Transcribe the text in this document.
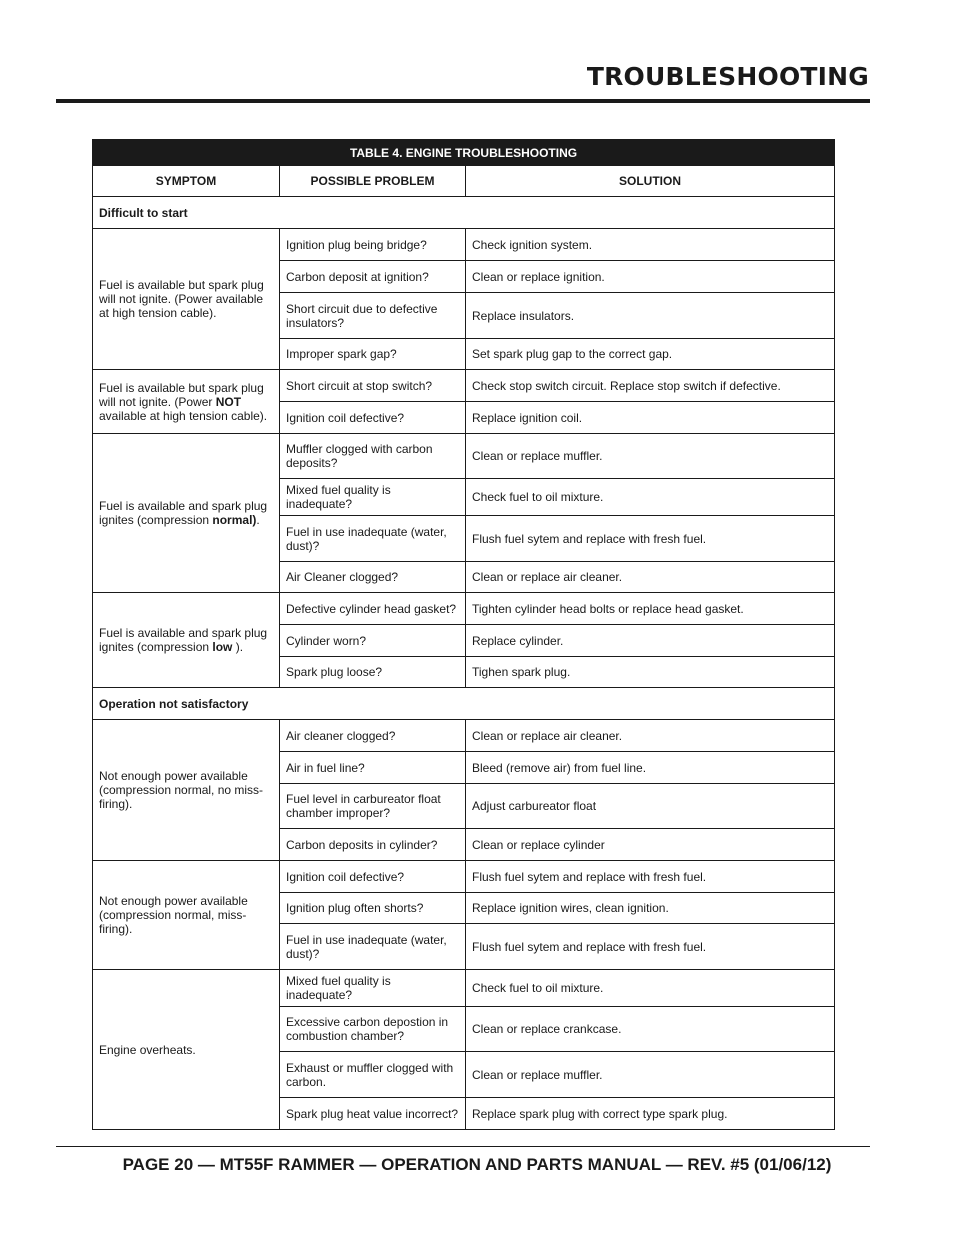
TROUBLESHOOTING
TABLE 4. ENGINE TROUBLESHOOTING		
SYMPTOM	POSSIBLE PROBLEM	SOLUTION
Difficult to start		
Fuel is available but spark plug will not ignite. (Power available at high tension cable).	Ignition plug being bridge?	Check ignition system.
	Carbon deposit at ignition?	Clean or replace ignition.
	Short circuit due to defective insulators?	Replace insulators.
	Improper spark gap?	Set spark plug gap to the correct gap.
Fuel is available but spark plug will not ignite. (Power NOT available at high tension cable).	Short circuit at stop switch?	Check stop switch circuit. Replace stop switch if defective.
	Ignition coil defective?	Replace ignition coil.
Fuel is available and spark plug ignites (compression normal).	Muffler clogged with carbon deposits?	Clean or replace muffler.
	Mixed fuel quality is inadequate?	Check fuel to oil mixture.
	Fuel in use inadequate (water, dust)?	Flush fuel sytem and replace with fresh fuel.
	Air Cleaner clogged?	Clean or replace air cleaner.
Fuel is available and spark plug ignites (compression low ).	Defective cylinder head gasket?	Tighten cylinder head bolts or replace head gasket.
	Cylinder worn?	Replace cylinder.
	Spark plug loose?	Tighen spark plug.
Operation not satisfactory		
Not enough power available (compression normal, no miss-firing).	Air cleaner clogged?	Clean or replace air cleaner.
	Air in fuel line?	Bleed (remove air) from fuel line.
	Fuel level in carbureator float chamber improper?	Adjust carbureator float
	Carbon deposits in cylinder?	Clean or replace cylinder
Not enough power available (compression normal, miss-firing).	Ignition coil defective?	Flush fuel sytem and replace with fresh fuel.
	Ignition plug often shorts?	Replace ignition wires, clean ignition.
	Fuel in use inadequate (water, dust)?	Flush fuel sytem and replace with fresh fuel.
Engine overheats.	Mixed fuel quality is inadequate?	Check fuel to oil mixture.
	Excessive carbon depostion in combustion chamber?	Clean or replace crankcase.
	Exhaust or muffler clogged with carbon.	Clean or replace muffler.
	Spark plug heat value incorrect?	Replace spark plug with correct type spark plug.
PAGE 20 — MT55F RAMMER — OPERATION AND PARTS MANUAL — REV. #5 (01/06/12)
